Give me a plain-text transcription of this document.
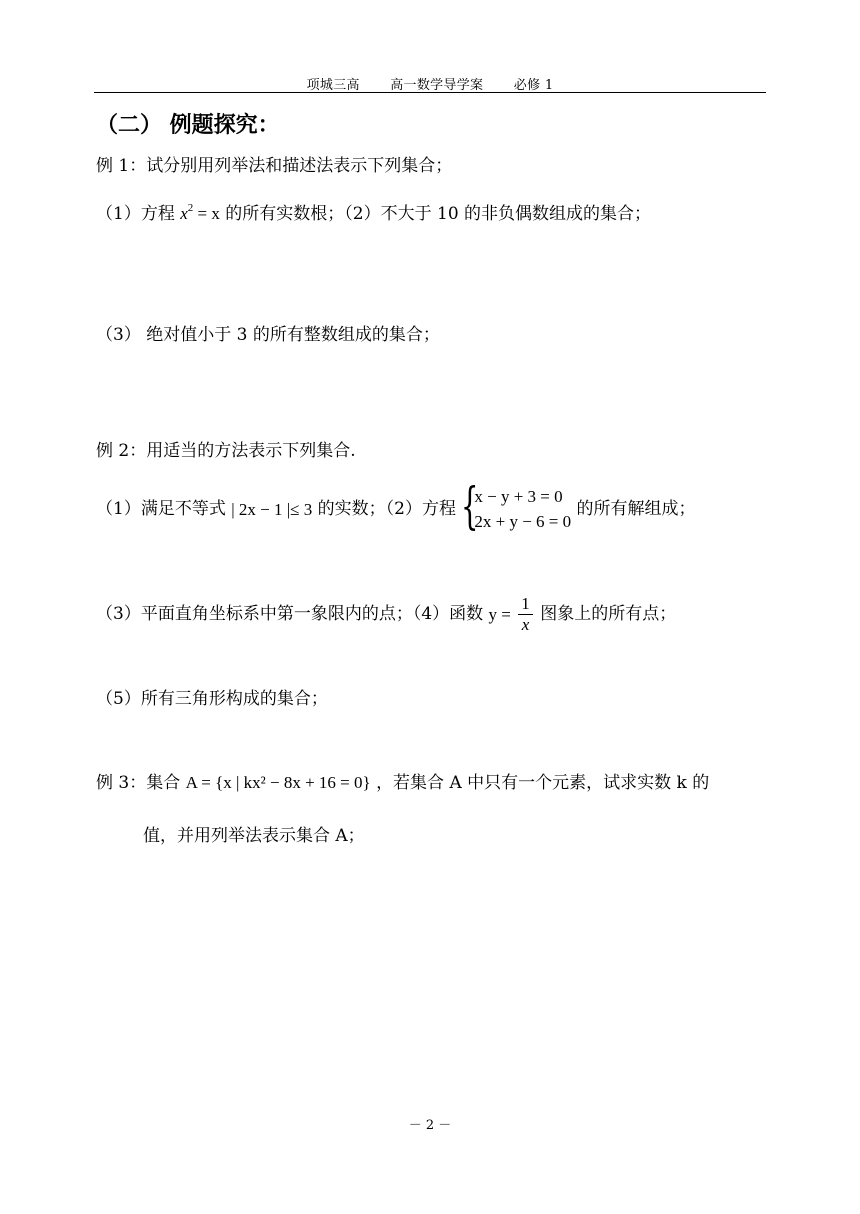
项城三高 高一数学导学案 必修 1
（二） 例题探究：
例 1：试分别用列举法和描述法表示下列集合；
（1）方程 $x^2 = x$ 的所有实数根；（2）不大于 10 的非负偶数组成的集合；
（3） 绝对值小于 3 的所有整数组成的集合；
例 2：用适当的方法表示下列集合.
（1）满足不等式 | 2x − 1 |≤ 3 的实数；（2）方程 {
x − y + 3 = 0
2x + y − 6 = 0
的所有解组成；
（3）平面直角坐标系中第一象限内的点；（4）函数 $y = \frac{1}{x}$ 图象上的所有点；
（5）所有三角形构成的集合；
例 3：集合 A = {x | kx² − 8x + 16 = 0} ，若集合 A 中只有一个元素，试求实数 k 的
值，并用列举法表示集合 A；
－ 2 －
